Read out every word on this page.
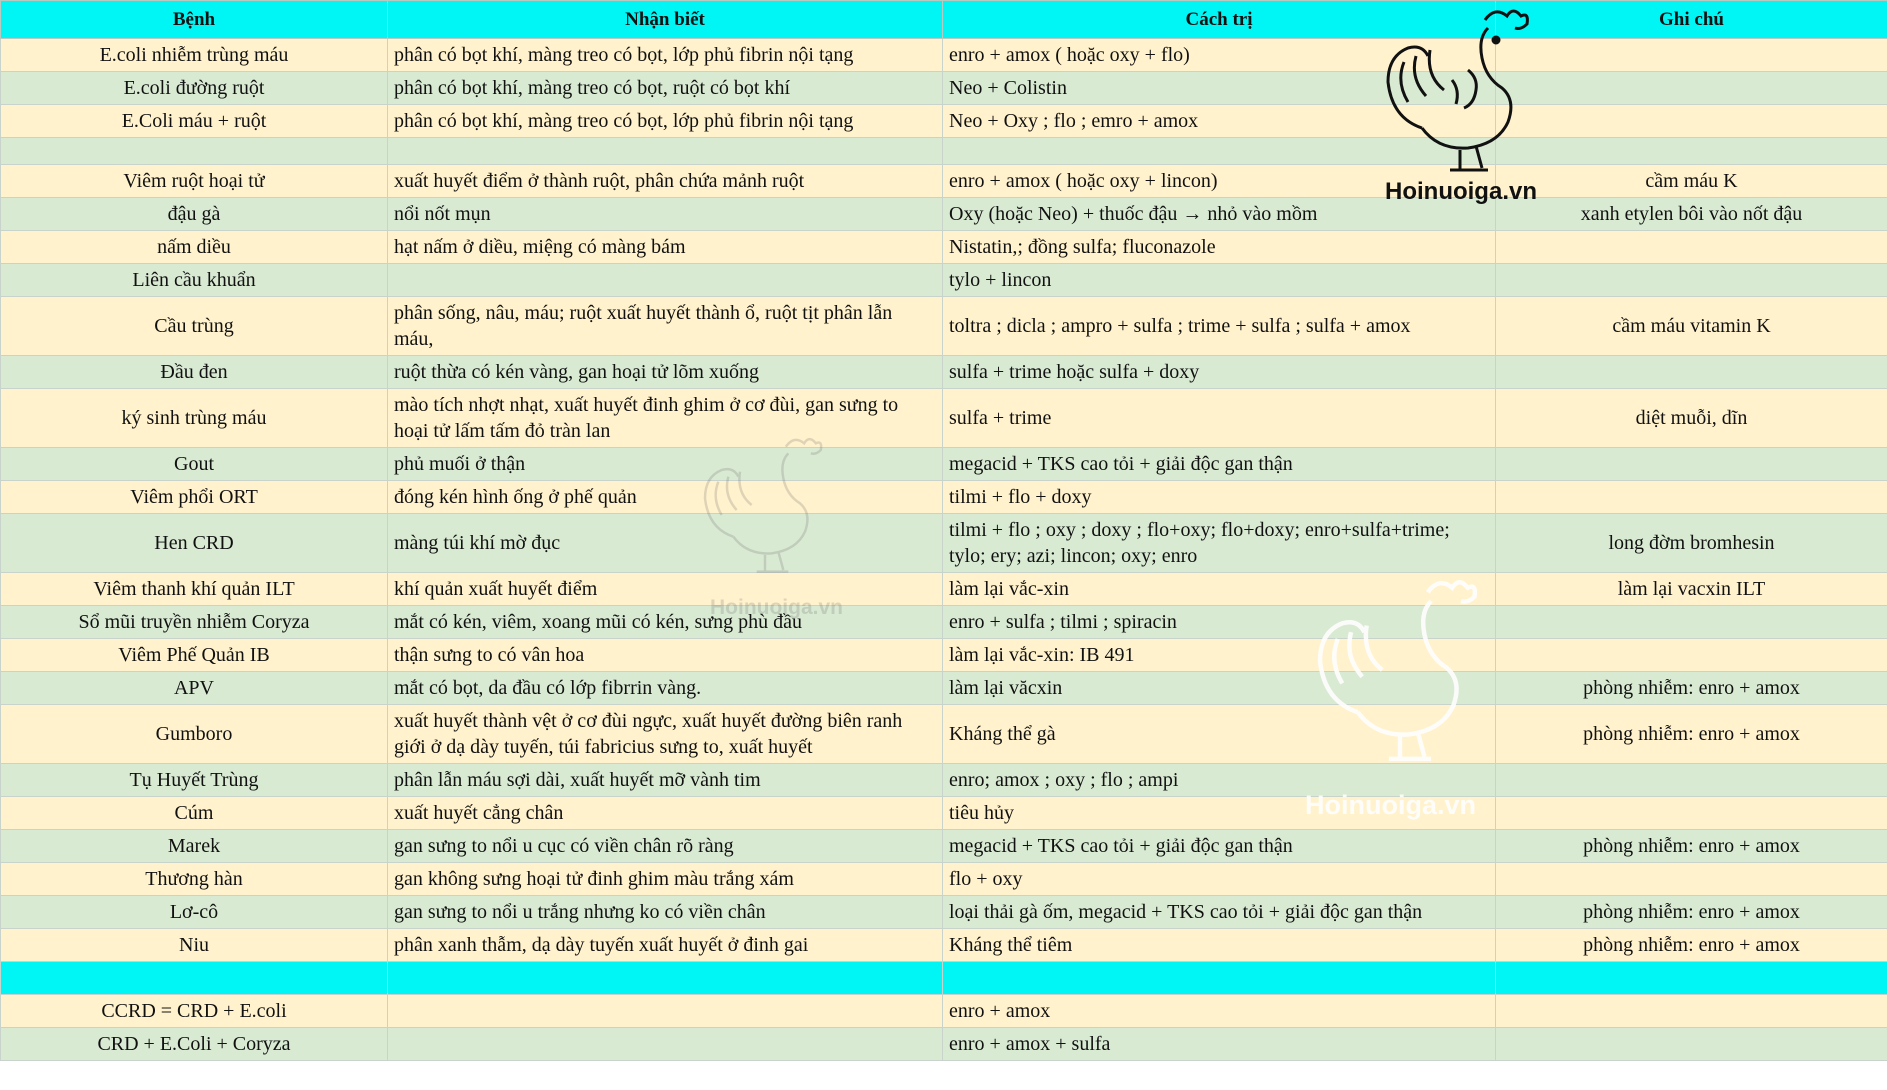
Bệnh	Nhận biết	Cách trị	Ghi chú
E.coli nhiễm trùng máu	phân có bọt khí, màng treo có bọt, lớp phủ fibrin nội tạng	enro + amox ( hoặc oxy + flo)	
E.coli đường ruột	phân có bọt khí, màng treo có bọt, ruột có bọt khí	Neo + Colistin	
E.Coli máu + ruột	phân có bọt khí, màng treo có bọt, lớp phủ fibrin nội tạng	Neo + Oxy ; flo ; emro + amox	

Viêm ruột hoại tử	xuất huyết điểm ở thành ruột, phân chứa mảnh ruột	enro + amox ( hoặc oxy + lincon)	cầm máu K
đậu gà	nổi nốt mụn	Oxy (hoặc Neo) + thuốc đậu → nhỏ vào mồm	xanh etylen bôi vào nốt đậu
nấm diều	hạt nấm ở diều, miệng có màng bám	Nistatin,; đồng sulfa; fluconazole	
Liên cầu khuẩn		tylo + lincon	
Cầu trùng	phân sống, nâu, máu; ruột xuất huyết thành ổ, ruột tịt phân lẫn máu,	toltra ; dicla ; ampro + sulfa ; trime + sulfa ; sulfa + amox	cầm máu vitamin K
Đầu đen	ruột thừa có kén vàng, gan hoại tử lõm xuống	sulfa + trime hoặc sulfa + doxy	
ký sinh trùng máu	mào tích nhợt nhạt, xuất huyết đinh ghim ở cơ đùi, gan sưng to hoại tử lấm tấm đỏ tràn lan	sulfa + trime	diệt muỗi, dĩn
Gout	phủ muối ở thận	megacid + TKS cao tỏi + giải độc gan thận	
Viêm phổi ORT	đóng kén hình ống ở phế quản	tilmi + flo + doxy	
Hen CRD	màng túi khí mờ đục	tilmi + flo ; oxy ; doxy ; flo+oxy; flo+doxy; enro+sulfa+trime; tylo; ery; azi; lincon; oxy; enro	long đờm bromhesin
Viêm thanh khí quản ILT	khí quản xuất huyết điểm	làm lại vắc-xin	làm lại vacxin ILT
Sổ mũi truyền nhiễm Coryza	mắt có kén, viêm, xoang mũi có kén, sưng phù đầu	enro + sulfa ; tilmi ; spiracin	
Viêm Phế Quản IB	thận sưng to có vân hoa	làm lại vắc-xin: IB 491	
APV	mắt có bọt, da đầu có lớp fibrrin vàng.	làm lại văcxin	phòng nhiễm: enro + amox
Gumboro	xuất huyết thành vệt ở cơ đùi ngực, xuất huyết đường biên ranh giới ở dạ dày tuyến, túi fabricius sưng to, xuất huyết	Kháng thể gà	phòng nhiễm: enro + amox
Tụ Huyết Trùng	phân lẫn máu sợi dài, xuất huyết mỡ vành tim	enro; amox ; oxy ; flo ; ampi	
Cúm	xuất huyết cẳng chân	tiêu hủy	
Marek	gan sưng to nổi u cục có viền chân rõ ràng	megacid + TKS cao tỏi + giải độc gan thận	phòng nhiễm: enro + amox
Thương hàn	gan không sưng hoại tử đinh ghim màu trắng xám	flo + oxy	
Lơ-cô	gan sưng to nổi u trắng nhưng ko có viền chân	loại thải gà ốm, megacid + TKS cao tỏi + giải độc gan thận	phòng nhiễm: enro + amox
Niu	phân xanh thẫm, dạ dày tuyến xuất huyết ở đinh gai	Kháng thể tiêm	phòng nhiễm: enro + amox

CCRD = CRD + E.coli		enro + amox	
CRD + E.Coli + Coryza		enro + amox + sulfa	
Hoinuoiga.vn
Hoinuoiga.vn
Hoinuoiga.vn
